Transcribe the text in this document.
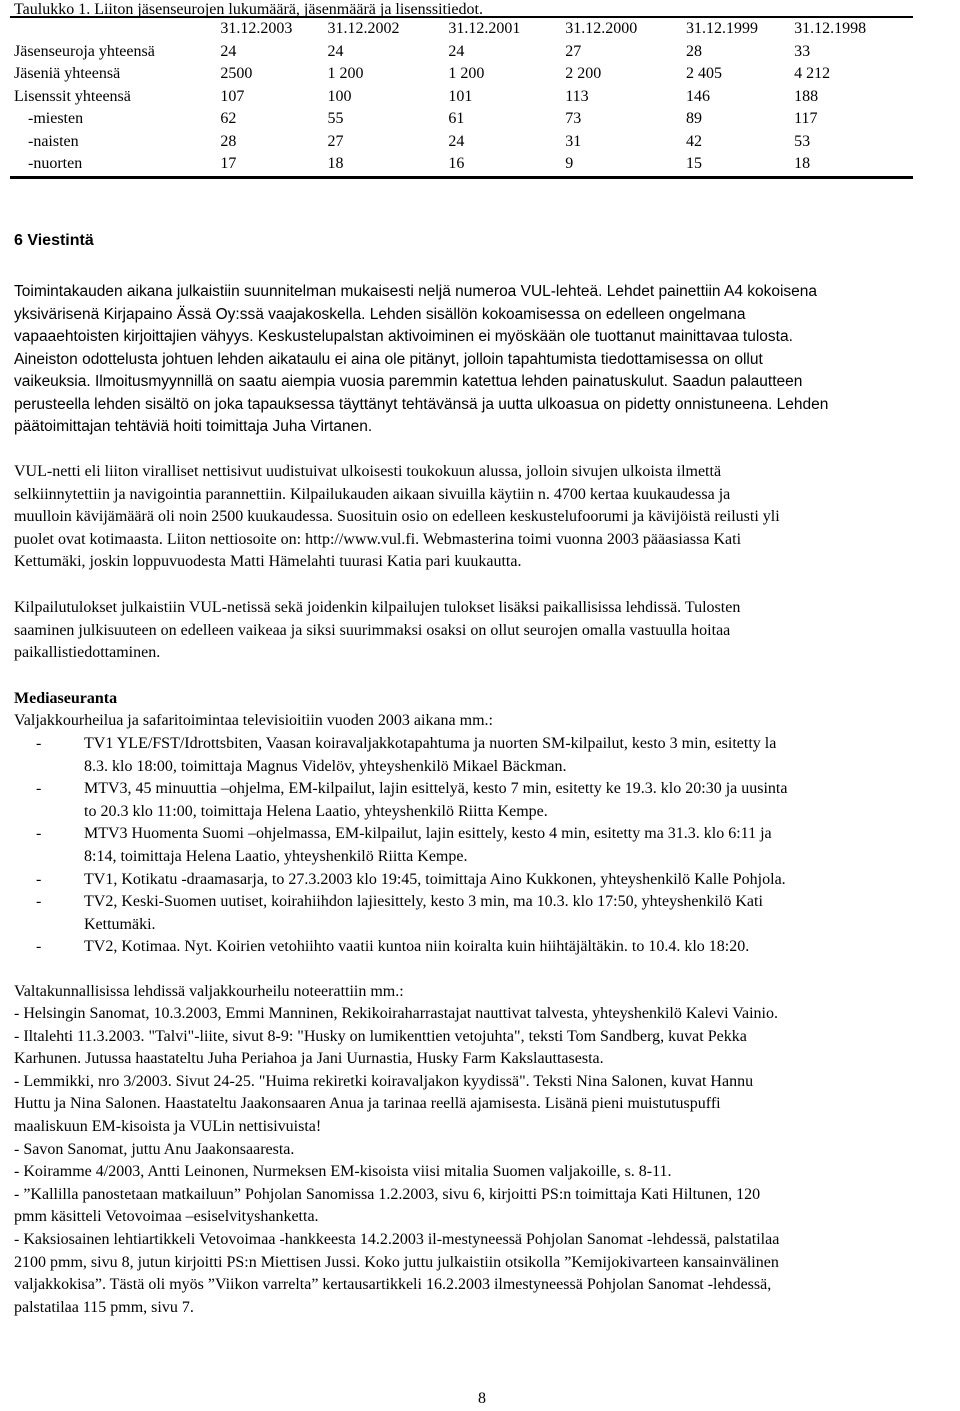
Taulukko 1. Liiton jäsenseurojen lukumäärä, jäsenmäärä ja lisenssitiedot.
	31.12.2003	31.12.2002	31.12.2001	31.12.2000	31.12.1999	31.12.1998
Jäsenseuroja yhteensä	24	24	24	27	28	33
Jäseniä yhteensä	2500	1 200	1 200	2 200	2 405	4 212
Lisenssit yhteensä	107	100	101	113	146	188
-miesten	62	55	61	73	89	117
-naisten	28	27	24	31	42	53
-nuorten	17	18	16	9	15	18
6 Viestintä
Toimintakauden aikana julkaistiin suunnitelman mukaisesti neljä numeroa VUL-lehteä. Lehdet painettiin A4 kokoisena
yksivärisenä Kirjapaino Ässä Oy:ssä vaajakoskella. Lehden sisällön kokoamisessa on edelleen ongelmana
vapaaehtoisten kirjoittajien vähyys. Keskustelupalstan aktivoiminen ei myöskään ole tuottanut mainittavaa tulosta.
Aineiston odottelusta johtuen lehden aikataulu ei aina ole pitänyt, jolloin tapahtumista tiedottamisessa on ollut
vaikeuksia. Ilmoitusmyynnillä on saatu aiempia vuosia paremmin katettua lehden painatuskulut. Saadun palautteen
perusteella lehden sisältö on joka tapauksessa täyttänyt tehtävänsä ja uutta ulkoasua on pidetty onnistuneena. Lehden
päätoimittajan tehtäviä hoiti toimittaja Juha Virtanen.
VUL-netti eli liiton viralliset nettisivut uudistuivat ulkoisesti toukokuun alussa, jolloin sivujen ulkoista ilmettä
selkiinnytettiin ja navigointia parannettiin. Kilpailukauden aikaan sivuilla käytiin n. 4700 kertaa kuukaudessa ja
muulloin kävijämäärä oli noin 2500 kuukaudessa. Suosituin osio on edelleen keskustelufoorumi ja kävijöistä reilusti yli
puolet ovat kotimaasta. Liiton nettiosoite on: http://www.vul.fi. Webmasterina toimi vuonna 2003 pääasiassa Kati
Kettumäki, joskin loppuvuodesta Matti Hämelahti tuurasi Katia pari kuukautta.
Kilpailutulokset julkaistiin VUL-netissä sekä joidenkin kilpailujen tulokset lisäksi paikallisissa lehdissä. Tulosten
saaminen julkisuuteen on edelleen vaikeaa ja siksi suurimmaksi osaksi on ollut seurojen omalla vastuulla hoitaa
paikallistiedottaminen.
Mediaseuranta
Valjakkourheilua ja safaritoimintaa televisioitiin vuoden 2003 aikana mm.:
-	TV1 YLE/FST/Idrottsbiten, Vaasan koiravaljakkotapahtuma ja nuorten SM-kilpailut, kesto 3 min, esitetty la
8.3. klo 18:00, toimittaja Magnus Videlöv, yhteyshenkilö Mikael Bäckman.
-	MTV3, 45 minuuttia –ohjelma, EM-kilpailut, lajin esittelyä, kesto 7 min, esitetty ke 19.3. klo 20:30 ja uusinta
to 20.3 klo 11:00, toimittaja Helena Laatio, yhteyshenkilö Riitta Kempe.
-	MTV3 Huomenta Suomi –ohjelmassa, EM-kilpailut, lajin esittely, kesto 4 min, esitetty ma 31.3. klo 6:11 ja
8:14, toimittaja Helena Laatio, yhteyshenkilö Riitta Kempe.
-	TV1, Kotikatu -draamasarja, to 27.3.2003 klo 19:45, toimittaja Aino Kukkonen, yhteyshenkilö Kalle Pohjola.
-	TV2, Keski-Suomen uutiset, koirahiihdon lajiesittely, kesto 3 min, ma 10.3. klo 17:50, yhteyshenkilö Kati
Kettumäki.
-	TV2, Kotimaa. Nyt. Koirien vetohiihto vaatii kuntoa niin koiralta kuin hiihtäjältäkin. to 10.4. klo 18:20.
Valtakunnallisissa lehdissä valjakkourheilu noteerattiin mm.:
- Helsingin Sanomat, 10.3.2003, Emmi Manninen, Rekikoiraharrastajat nauttivat talvesta, yhteyshenkilö Kalevi Vainio.
- Iltalehti 11.3.2003. "Talvi"-liite, sivut 8-9: "Husky on lumikenttien vetojuhta", teksti Tom Sandberg, kuvat Pekka
Karhunen. Jutussa haastateltu Juha Periahoa ja Jani Uurnastia, Husky Farm Kakslauttasesta.
- Lemmikki, nro 3/2003. Sivut 24-25. "Huima rekiretki koiravaljakon kyydissä". Teksti Nina Salonen, kuvat Hannu
Huttu ja Nina Salonen. Haastateltu Jaakonsaaren Anua ja tarinaa reellä ajamisesta. Lisänä pieni muistutuspuffi
maaliskuun EM-kisoista ja VULin nettisivuista!
- Savon Sanomat, juttu Anu Jaakonsaaresta.
- Koiramme 4/2003, Antti Leinonen, Nurmeksen EM-kisoista viisi mitalia Suomen valjakoille, s. 8-11.
- ”Kallilla panostetaan matkailuun” Pohjolan Sanomissa 1.2.2003, sivu 6, kirjoitti PS:n toimittaja Kati Hiltunen, 120
pmm käsitteli Vetovoimaa –esiselvityshanketta.
- Kaksiosainen lehtiartikkeli Vetovoimaa -hankkeesta 14.2.2003 il-mestyneessä Pohjolan Sanomat -lehdessä, palstatilaa
2100 pmm, sivu 8, jutun kirjoitti PS:n Miettisen Jussi. Koko juttu julkaistiin otsikolla ”Kemijokivarteen kansainvälinen
valjakkokisa”. Tästä oli myös ”Viikon varrelta” kertausartikkeli 16.2.2003 ilmestyneessä Pohjolan Sanomat -lehdessä,
palstatilaa 115 pmm, sivu 7.
8
